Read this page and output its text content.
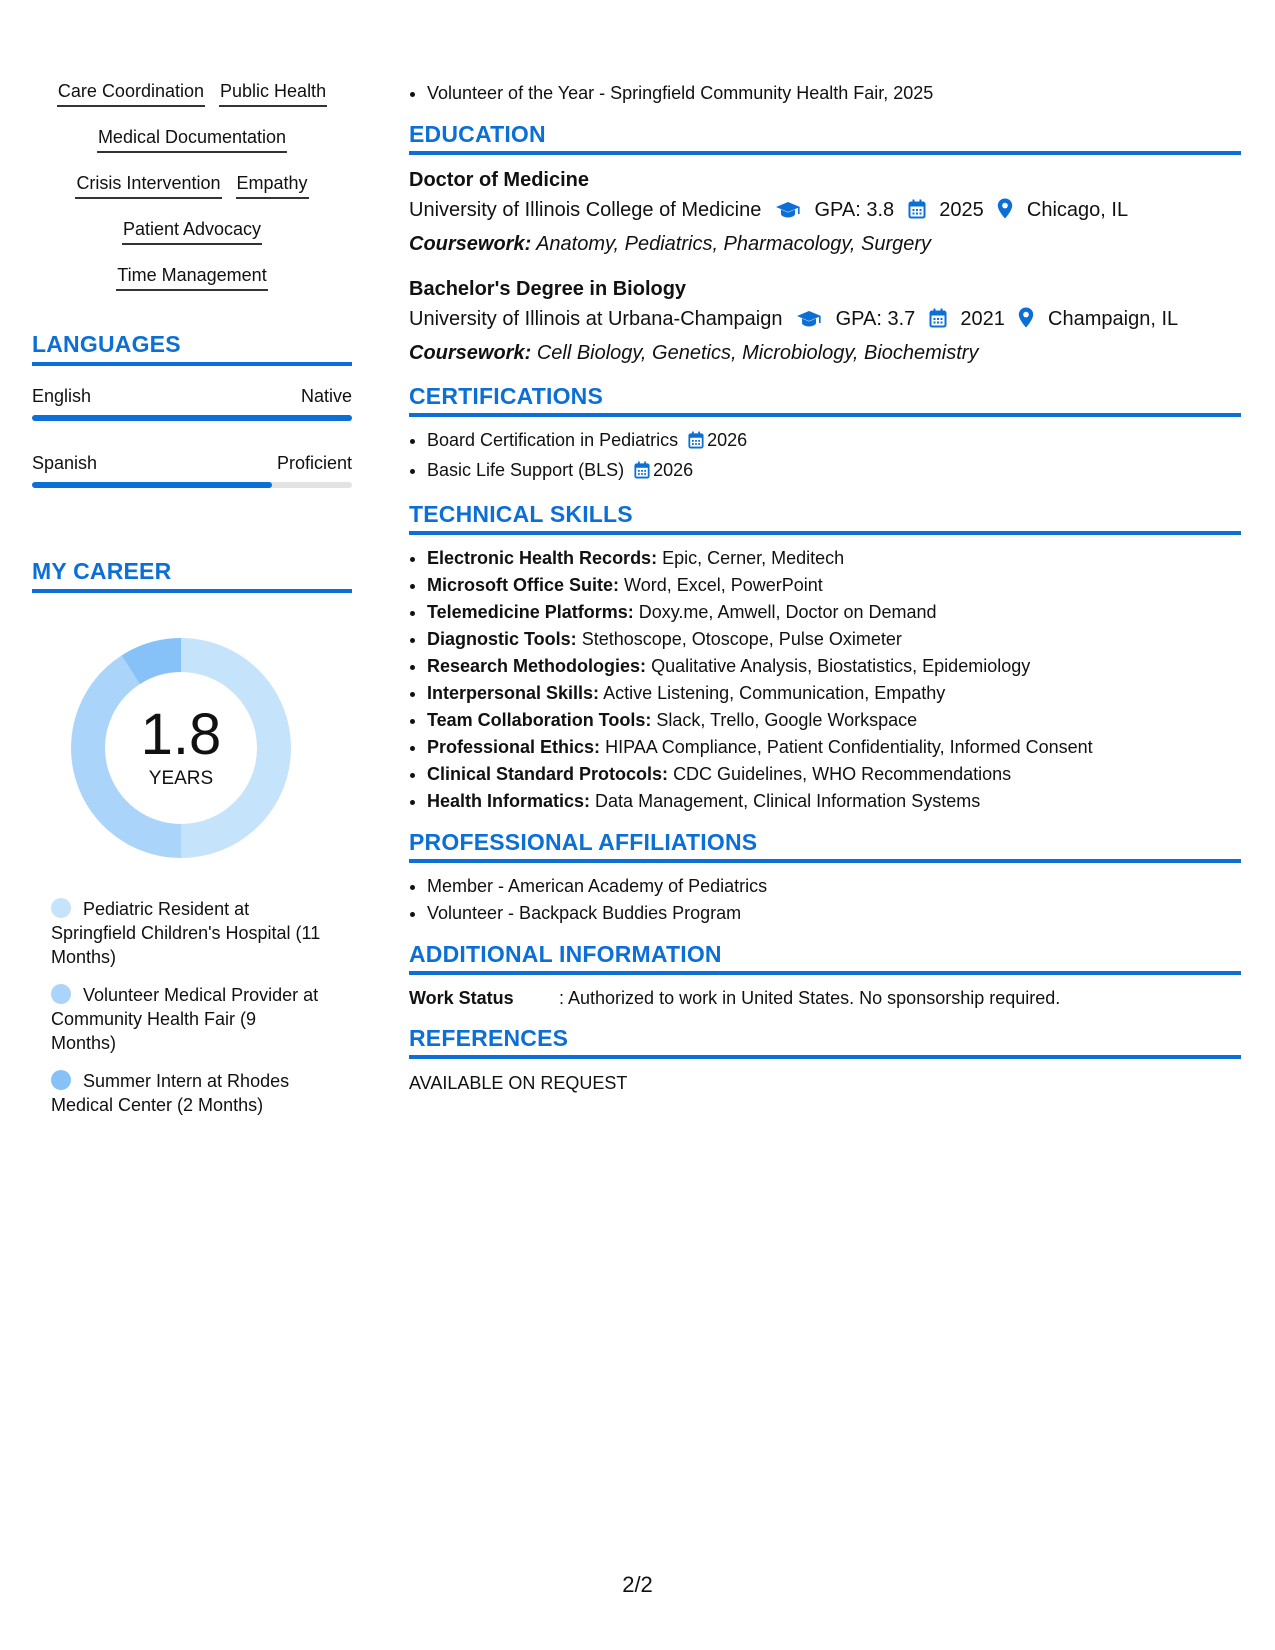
Care Coordination Public Health
Medical Documentation
Crisis Intervention Empathy
Patient Advocacy
Time Management
LANGUAGES
English	Native
Spanish	Proficient
MY CAREER
1.8
YEARS
Pediatric Resident at Springfield Children's Hospital (11 Months)
Volunteer Medical Provider at Community Health Fair (9 Months)
Summer Intern at Rhodes Medical Center (2 Months)
• Volunteer of the Year - Springfield Community Health Fair, 2025
EDUCATION
Doctor of Medicine
University of Illinois College of Medicine	GPA: 3.8 2025 Chicago, IL
Coursework: Anatomy, Pediatrics, Pharmacology, Surgery
Bachelor's Degree in Biology
University of Illinois at Urbana-Champaign	GPA: 3.7 2021 Champaign, IL
Coursework: Cell Biology, Genetics, Microbiology, Biochemistry
CERTIFICATIONS
• Board Certification in Pediatrics 2026
• Basic Life Support (BLS) 2026
TECHNICAL SKILLS
• Electronic Health Records: Epic, Cerner, Meditech
• Microsoft Office Suite: Word, Excel, PowerPoint
• Telemedicine Platforms: Doxy.me, Amwell, Doctor on Demand
• Diagnostic Tools: Stethoscope, Otoscope, Pulse Oximeter
• Research Methodologies: Qualitative Analysis, Biostatistics, Epidemiology
• Interpersonal Skills: Active Listening, Communication, Empathy
• Team Collaboration Tools: Slack, Trello, Google Workspace
• Professional Ethics: HIPAA Compliance, Patient Confidentiality, Informed Consent
• Clinical Standard Protocols: CDC Guidelines, WHO Recommendations
• Health Informatics: Data Management, Clinical Information Systems
PROFESSIONAL AFFILIATIONS
• Member - American Academy of Pediatrics
• Volunteer - Backpack Buddies Program
ADDITIONAL INFORMATION
Work Status	: Authorized to work in United States. No sponsorship required.
REFERENCES
AVAILABLE ON REQUEST
2/2
